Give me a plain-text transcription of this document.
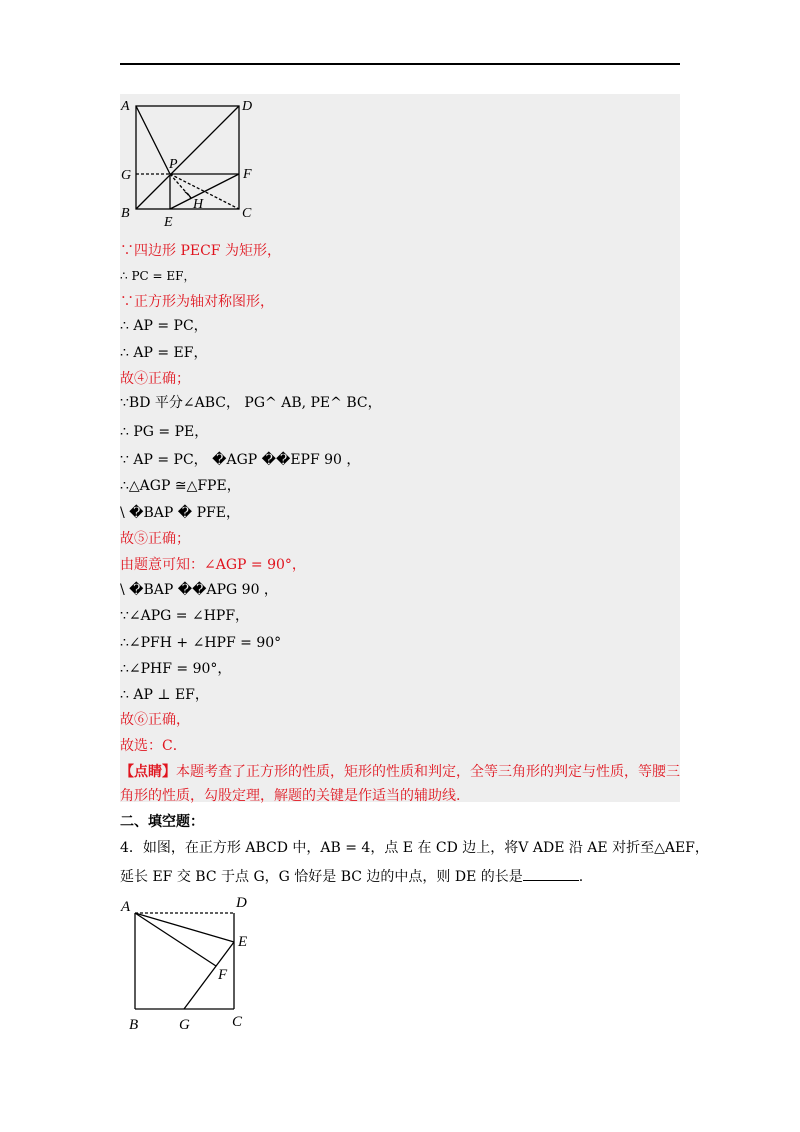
A	D
G
P
F
B
E
H
C
∵四边形 PECF 为矩形，
∴ PC = EF，
∵正方形为轴对称图形，
∴ AP = PC，
∴ AP = EF，
故④正确；
∵BD 平分∠ABC， PG^ AB, PE^ BC，
∴ PG = PE，
∵ AP = PC， �AGP ��EPF 90 ，
∴△AGP ≅△FPE，
\ �BAP � PFE，
故⑤正确；
由题意可知：∠AGP = 90°，
\ �BAP ��APG 90 ，
∵∠APG = ∠HPF，
∴∠PFH + ∠HPF = 90°
∴∠PHF = 90°，
∴ AP ⊥ EF，
故⑥正确，
故选：C．
【点睛】本题考查了正方形的性质，矩形的性质和判定，全等三角形的判定与性质，等腰三角形的性质，勾股定理，解题的关键是作适当的辅助线.
二、填空题：
4．如图，在正方形 ABCD 中，AB = 4，点 E 在 CD 边上，将V ADE 沿 AE 对折至△AEF，
延长 EF 交 BC 于点 G，G 恰好是 BC 边的中点，则 DE 的长是	.
A	D
E
F
B	G	C
